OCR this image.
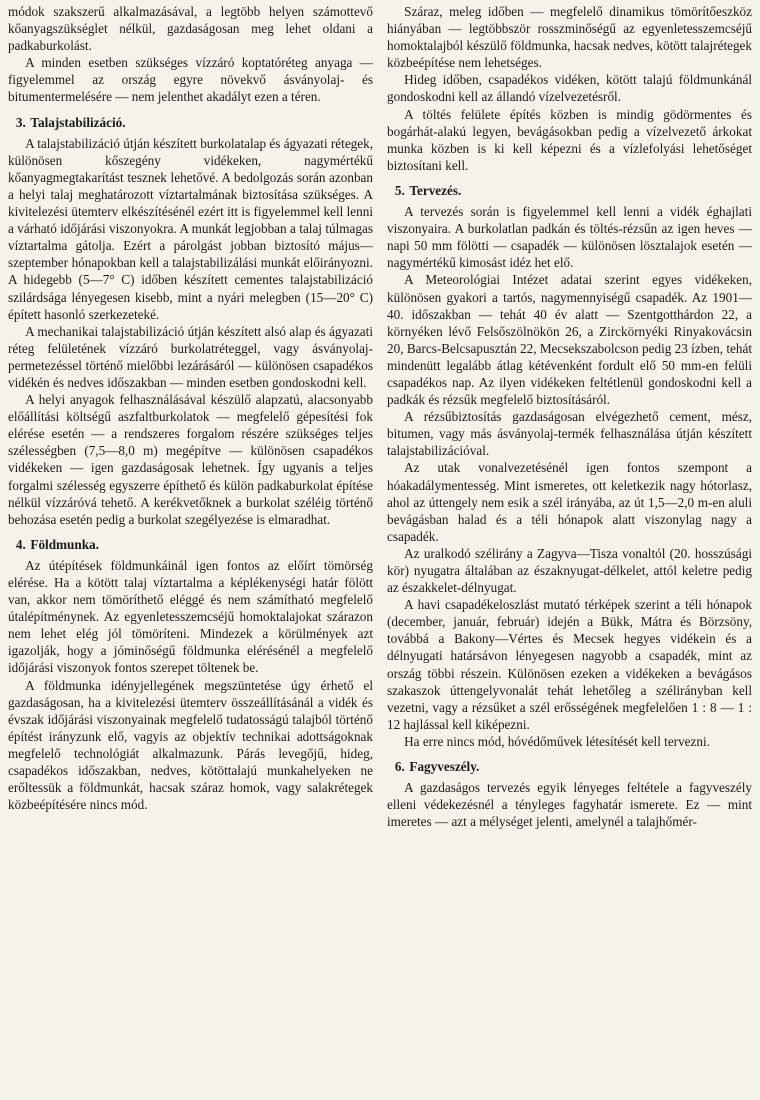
módok szakszerű alkalmazásával, a legtöbb helyen számottevő kőanyagszükséglet nélkül, gazdaságosan meg lehet oldani a padkaburkolást.

A minden esetben szükséges vízzáró koptatóréteg anyaga — figyelemmel az ország egyre növekvő ásványolaj- és bitumentermelésére — nem jelenthet akadályt ezen a téren.

3. Talajstabilizáció.

A talajstabilizáció útján készített burkolatalap és ágyazati rétegek, különösen kőszegény vidékeken, nagymértékű kőanyagmegtakarítást tesznek lehetővé. A bedolgozás során azonban a helyi talaj meghatározott víztartalmának biztosítása szükséges. A kivitelezési ütemterv elkészítésénél ezért itt is figyelemmel kell lenni a várható időjárási viszonyokra. A munkát legjobban a talaj túlmagas víztartalma gátolja. Ezért a párolgást jobban biztosító május—szeptember hónapokban kell a talajstabilizálási munkát előirányozni. A hidegebb (5—7° C) időben készített cementes talajstabilizáció szilárdsága lényegesen kisebb, mint a nyári melegben (15—20° C) épített hasonló szerkezeteké.

A mechanikai talajstabilizáció útján készített alsó alap és ágyazati réteg felületének vízzáró burkolatréteggel, vagy ásványolaj-permetezéssel történő mielőbbi lezárásáról — különösen csapadékos vidékén és nedves időszakban — minden esetben gondoskodni kell.

A helyi anyagok felhasználásával készülő alapzatú, alacsonyabb előállítási költségű aszfaltburkolatok — megfelelő gépesítési fok elérése esetén — a rendszeres forgalom részére szükséges teljes szélességben (7,5—8,0 m) megépítve — különösen csapadékos vidékeken — igen gazdaságosak lehetnek. Így ugyanis a teljes forgalmi szélesség egyszerre építhető és külön padkaburkolat építése nélkül vízzáróvá tehető. A kerékvetőknek a burkolat széléig történő behozása esetén pedig a burkolat szegélyezése is elmaradhat.

4. Földmunka.

Az útépítések földmunkáinál igen fontos az előírt tömörség elérése. Ha a kötött talaj víztartalma a képlékenységi határ fölött van, akkor nem tömöríthető eléggé és nem számítható megfelelő útalépítménynek. Az egyenletesszemcséjű homoktalajokat szárazon nem lehet elég jól tömöríteni. Mindezek a körülmények azt igazolják, hogy a jóminőségű földmunka elérésénél a megfelelő időjárási viszonyok fontos szerepet töltenek be.

A földmunka idényjellegének megszüntetése úgy érhető el gazdaságosan, ha a kivitelezési ütemterv összeállításánál a vidék és évszak időjárási viszonyainak megfelelő tudatosságú talajból történő építést irányzunk elő, vagyis az objektív technikai adottságoknak megfelelő technológiát alkalmazunk. Párás levegőjű, hideg, csapadékos időszakban, nedves, kötöttalajú munkahelyeken ne erőltessük a földmunkát, hacsak száraz homok, vagy salakrétegek közbeépítésére nincs mód.

Száraz, meleg időben — megfelelő dinamikus tömörítőeszköz hiányában — legtöbbször rosszminőségű az egyenletesszemcséjű homoktalajból készülő földmunka, hacsak nedves, kötött talajrétegek közbeépítése nem lehetséges.

Hideg időben, csapadékos vidéken, kötött talajú földmunkánál gondoskodni kell az állandó vízelvezetésről.

A töltés felülete építés közben is mindig gödörmentes és bogárhát-alakú legyen, bevágásokban pedig a vízelvezető árkokat munka közben is ki kell képezni és a vízlefolyási lehetőséget biztosítani kell.

5. Tervezés.

A tervezés során is figyelemmel kell lenni a vidék éghajlati viszonyaira. A burkolatlan padkán és töltés-rézsűn az igen heves — napi 50 mm fölötti — csapadék — különösen lösztalajok esetén — nagymértékű kimosást idéz het elő.

A Meteorológiai Intézet adatai szerint egyes vidékeken, különösen gyakori a tartós, nagymennyiségű csapadék. Az 1901—40. időszakban — tehát 40 év alatt — Szentgotthárdon 22, a környéken lévő Felsőszölnökön 26, a Zirckörnyéki Rinyakovácsin 20, Barcs-Belcsapusztán 22, Mecsekszabolcson pedig 23 ízben, tehát mindenütt legalább átlag kétévenként fordult elő 50 mm-en felüli csapadékos nap. Az ilyen vidékeken feltétlenül gondoskodni kell a padkák és rézsűk megfelelő biztosításáról.

A rézsűbiztosítás gazdaságosan elvégezhető cement, mész, bitumen, vagy más ásványolaj-termék felhasználása útján készített talajstabilizációval.

Az utak vonalvezetésénél igen fontos szempont a hóakadálymentesség. Mint ismeretes, ott keletkezik nagy hótorlasz, ahol az úttengely nem esik a szél irányába, az út 1,5—2,0 m-en aluli bevágásban halad és a téli hónapok alatt viszonylag nagy a csapadék.

Az uralkodó szélirány a Zagyva—Tisza vonaltól (20. hosszúsági kör) nyugatra általában az északnyugat-délkelet, attól keletre pedig az északkelet-délnyugat.

A havi csapadékeloszlást mutató térképek szerint a téli hónapok (december, január, február) idején a Bükk, Mátra és Börzsöny, továbbá a Bakony—Vértes és Mecsek hegyes vidékein és a délnyugati határsávon lényegesen nagyobb a csapadék, mint az ország többi részein. Különösen ezeken a vidékeken a bevágásos szakaszok úttengelyvonalát tehát lehetőleg a szélirányban kell vezetni, vagy a rézsűket a szél erősségének megfelelően 1 : 8 — 1 : 12 hajlással kell kiképezni.

Ha erre nincs mód, hóvédőművek létesítését kell tervezni.

6. Fagyveszély.

A gazdaságos tervezés egyik lényeges feltétele a fagyveszély elleni védekezésnél a tényleges fagyhatár ismerete. Ez — mint imeretes — azt a mélységet jelenti, amelynél a talajhőmér-
